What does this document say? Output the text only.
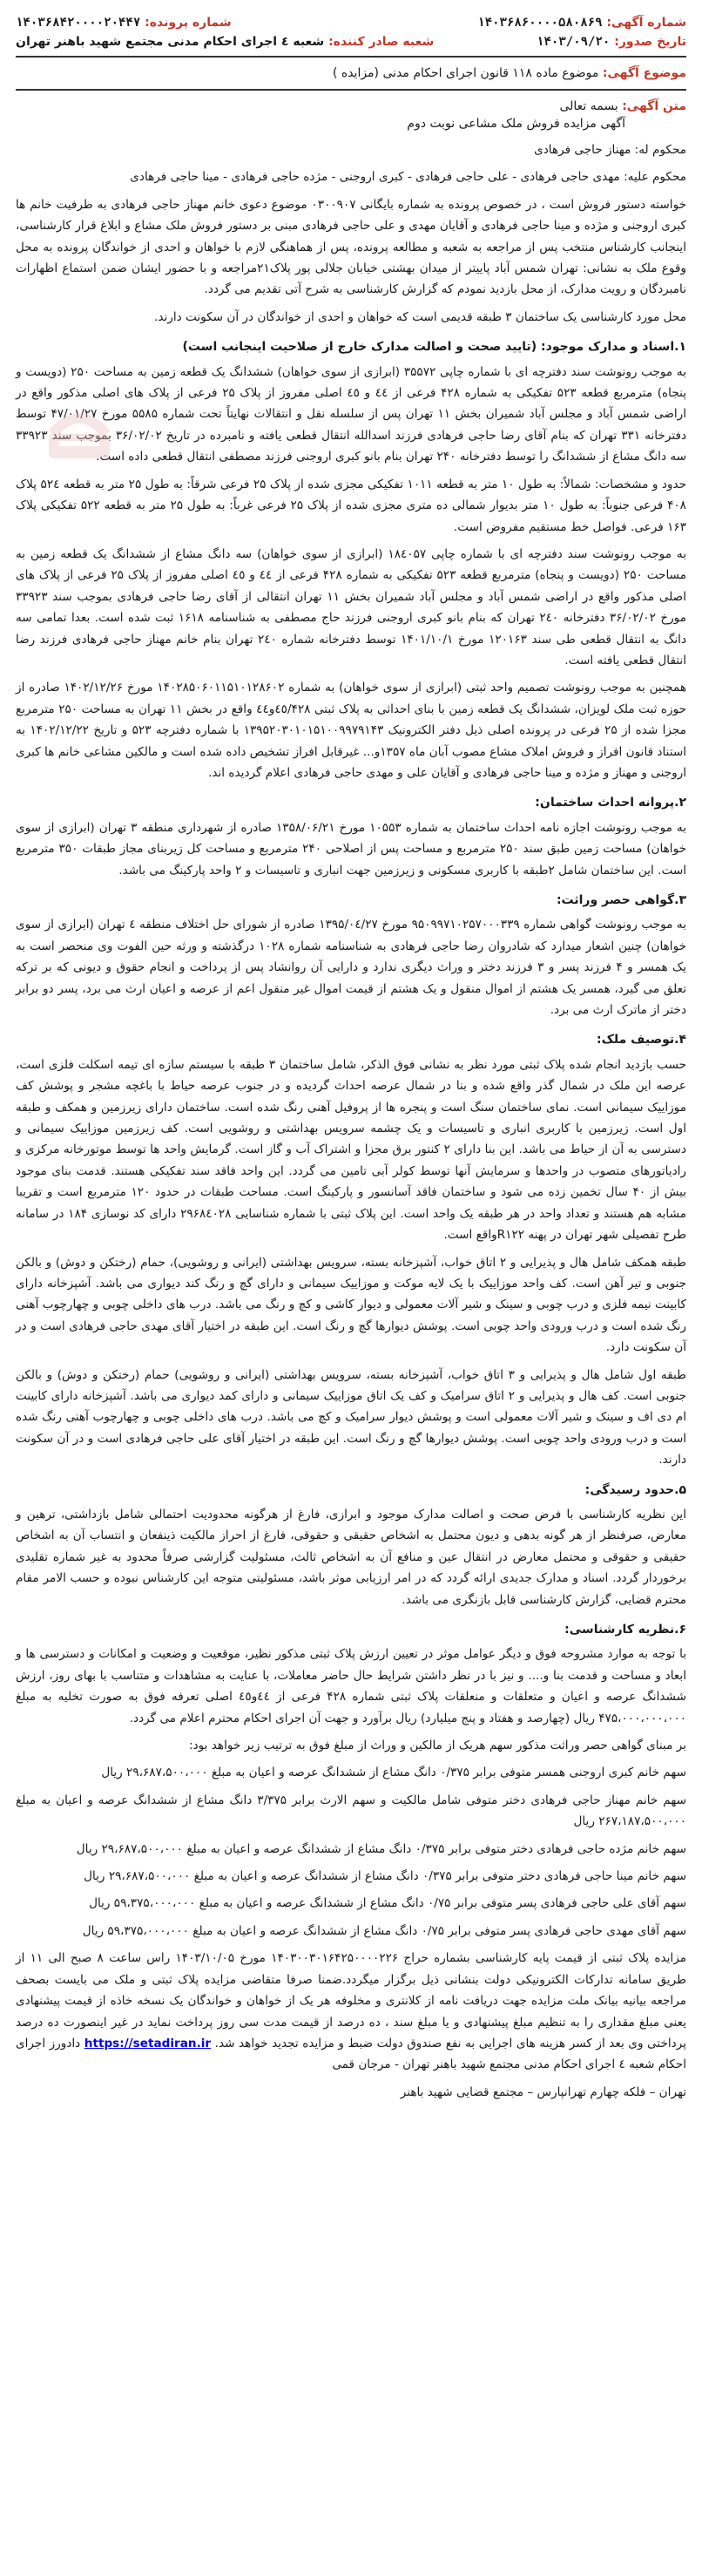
شماره آگهی: ۱۴۰۳۶۸۶۰۰۰۰۵۸۰۸۶۹
شماره پرونده: ۱۴۰۳۶۸۴۲۰۰۰۰۲۰۴۴۷
تاریخ صدور: ۱۴۰۳/۰۹/۲۰
شعبه صادر کننده: شعبه ٤ اجرای احکام مدنی مجتمع شهید باهنر تهران
موضوع آگهی: موضوع ماده ۱۱۸ قانون اجرای احکام مدنی (مزایده )
متن آگهی: بسمه تعالی
آگهی مزایده فروش ملک مشاعی نوبت دوم

محکوم له: مهناز حاجی فرهادی

محکوم علیه: مهدی حاجی فرهادی - علی حاجی فرهادی - کبری اروجنی - مژده حاجی فرهادی - مینا حاجی فرهادی

خواسته دستور فروش است ، در خصوص پرونده به شماره بایگانی ۰۳۰۰۹۰۷ موضوع دعوی خانم مهناز حاجی فرهادی به طرفیت خانم ها کبری اروجنی و مژده و مینا حاجی فرهادی و آقایان مهدی و علی حاجی فرهادی مبنی بر دستور فروش ملک مشاع و ابلاغ قرار کارشناسی، اینجانب کارشناس منتخب پس از مراجعه به شعبه و مطالعه پرونده، پس از هماهنگی لازم با خواهان و احدی از خواندگان پرونده به محل وقوع ملک به نشانی: تهران شمس آباد پاییتر از میدان بهشتی خیابان جلالی پور پلاک۲۱مراجعه و با حضور ایشان ضمن استماع اظهارات نامبردگان و رویت مدارک، از محل بازدید نمودم که گزارش کارشناسی به شرح آتی تقدیم می گردد.

محل مورد کارشناسی یک ساختمان ۳ طبقه قدیمی است که خواهان و احدی از خواندگان در آن سکونت دارند.

۱.اسناد و مدارک موجود: (تایید صحت و اصالت مدارک خارج از صلاحیت اینجانب است)

به موجب رونوشت سند دفترچه ای با شماره چاپی ۳۵۵۷۲ (ابرازی از سوی خواهان) ششدانگ یک قطعه زمین به مساحت ۲۵۰ (دویست و پنجاه) مترمربع قطعه ۵۲۳ تفکیکی به شماره ۴۲۸ فرعی از ٤٤ و ٤٥ اصلی مفروز از پلاک ۲۵ فرعی از پلاک های اصلی مذکور واقع در اراضی شمس آباد و مجلس آباد شمیران بخش ۱۱ تهران پس از سلسله نقل و انتقالات نهایتاً تحت شماره ۵۵۸۵ مورخ ۴۷/۰۱/۲۷ توسط دفترخانه ۳۳۱ تهران که بنام آقای رضا حاجی فرهادی فرزند اسدالله انتقال قطعی یافته و نامبرده در تاریخ ۳۶/۰۲/۰۲ بموجب سند ۳۳۹۲۳ سه دانگ مشاع از ششدانگ را توسط دفترخانه ۲۴۰ تهران بنام بانو کبری اروجنی فرزند مصطفی انتقال قطعی داده است.

حدود و مشخصات: شمالاً: به طول ۱۰ متر به قطعه ۱۰۱۱ تفکیکی مجزی شده از پلاک ۲۵ فرعی شرقاً: به طول ۲۵ متر به قطعه ۵۲٤ پلاک ۴۰۸ فرعی جنوباً: به طول ۱۰ متر بدیوار شمالی ده متری مجزی شده از پلاک ۲۵ فرعی غرباً: به طول ۲۵ متر به قطعه ۵۲۲ تفکیکی پلاک ۱۶۳ فرعی. فواصل خط مستقیم مفروض است.

به موجب رونوشت سند دفترچه ای با شماره چاپی ۱۸٤۰۵۷ (ابرازی از سوی خواهان) سه دانگ مشاع از ششدانگ یک قطعه زمین به مساحت ۲۵۰ (دویست و پنجاه) مترمربع قطعه ۵۲۳ تفکیکی به شماره ۴۲۸ فرعی از ٤٤ و ٤٥ اصلی مفروز از پلاک ۲۵ فرعی از پلاک های اصلی مذکور واقع در اراضی شمس آباد و مجلس آباد شمیران بخش ۱۱ تهران انتقالی از آقای رضا حاجی فرهادی بموجب سند ۳۳۹۲۳ مورخ ۳۶/۰۲/۰۲ دفترخانه ۲٤۰ تهران که بنام بانو کبری اروجنی فرزند حاج مصطفی به شناسنامه ۱۶۱۸ ثبت شده است. بعدا تمامی سه دانگ به انتقال قطعی طی سند ۱۲۰۱۶۳ مورخ ۱۴۰۱/۱۰/۱ توسط دفترخانه شماره ۲٤۰ تهران بنام خانم مهناز حاجی فرهادی فرزند رضا انتقال قطعی یافته است.

همچنین به موجب رونوشت تصمیم واحد ثبتی (ابرازی از سوی خواهان) به شماره ۱۴۰۲۸۵۰۶۰۱۱۵۱۰۱۲۸۶۰۲ مورخ ۱۴۰۲/۱۲/۲۶ صادره از حوزه ثبت ملک لویزان، ششدانگ یک قطعه زمین با بنای احداثی به پلاک ثبتی ٤٥/۴۲۸و٤٤ واقع در بخش ۱۱ تهران به مساحت ۲۵۰ مترمربع مجزا شده از ۲۵ فرعی در پرونده اصلی ذیل دفتر الکترونیک ۱۳۹۵۲۰۳۰۱۰۱۵۱۰۰۹۹۷۹۱۴۳ با شماره دفترچه ۵۲۳ و تاریخ ۱۴۰۲/۱۲/۲۲ به استناد قانون افراز و فروش املاک مشاع مصوب آبان ماه ۱۳۵۷و... غیرقابل افراز تشخیص داده شده است و مالکین مشاعی خانم ها کبری اروجنی و مهناز و مژده و مینا حاجی فرهادی و آقایان علی و مهدی حاجی فرهادی اعلام گردیده اند.

۲.پروانه احداث ساختمان:

به موجب رونوشت اجازه نامه احداث ساختمان به شماره ۱۰۵۵۳ مورخ ۱۳۵۸/۰۶/۲۱ صادره از شهرداری منطقه ۳ تهران (ابرازی از سوی خواهان) مساحت زمین طبق سند ۲۵۰ مترمربع و مساحت پس از اصلاحی ۲۴۰ مترمربع و مساحت کل زیربنای مجاز طبقات ۳۵۰ مترمربع است. این ساختمان شامل ۲طبقه با کاربری مسکونی و زیرزمین جهت انباری و تاسیسات و ۲ واحد پارکینگ می باشد.

۳.گواهی حصر وراثت:

به موجب رونوشت گواهی شماره ۹۵۰۹۹۷۱۰۲۵۷۰۰۰۳۳۹ مورخ ۱۳۹۵/۰٤/۲۷ صادره از شورای حل اختلاف منطقه ٤ تهران (ابرازی از سوی خواهان) چنین اشعار میدارد که شادروان رضا حاجی فرهادی به شناسنامه شماره ۱۰۲۸ درگذشته و ورثه حین الفوت وی منحصر است به یک همسر و ۴ فرزند پسر و ۳ فرزند دختر و وراث دیگری ندارد و دارایی آن روانشاد پس از پرداخت و انجام حقوق و دیونی که بر ترکه تعلق می گیرد، همسر یک هشتم از اموال منقول و یک هشتم از قیمت اموال غیر منقول اعم از عرصه و اعیان ارث می برد، پسر دو برابر دختر از ماترک ارث می برد.

۴.توصیف ملک:

حسب بازدید انجام شده پلاک ثبتی مورد نظر به نشانی فوق الذکر، شامل ساختمان ۳ طبقه با سیستم سازه ای تیمه اسکلت فلزی است، عرصه این ملک در شمال گذر واقع شده و بنا در شمال عرصه احداث گردیده و در جنوب عرصه حیاط با باغچه مشجر و پوشش کف موزاییک سیمانی است. نمای ساختمان سنگ است و پنجره ها از پروفیل آهنی رنگ شده است. ساختمان دارای زیرزمین و همکف و طبقه اول است. زیرزمین با کاربری انباری و تاسیسات و یک چشمه سرویس بهداشتی و روشویی است. کف زیرزمین موزاییک سیمانی و دسترسی به آن از حیاط می باشد. این بنا دارای ۲ کنتور برق مجزا و اشتراک آب و گاز است. گرمایش واحد ها توسط موتورخانه مرکزی و رادیاتورهای متصوب در واحدها و سرمایش آنها توسط کولر آبی تامین می گردد. این واحد فاقد سند تفکیکی هستند. قدمت بنای موجود بیش از ۴۰ سال تخمین زده می شود و ساختمان فاقد آسانسور و پارکینگ است. مساحت طبقات در حدود ۱۲۰ مترمربع است و تقریبا مشابه هم هستند و تعداد واحد در هر طبقه یک واحد است. این پلاک ثبتی با شماره شناسایی ۲۹۶۸٤۰۲۸ دارای کد نوسازی ۱۸۴ در سامانه طرح تفصیلی شهر تهران در پهنه R۱۲۲واقع است.

طبقه همکف شامل هال و پذیرایی و ۲ اتاق خواب، آشپزخانه بسته، سرویس بهداشتی (ایرانی و روشویی)، حمام (رختکن و دوش) و بالکن جنوبی و تیر آهن است. کف واحد موزاییک با یک لایه موکت و موزاییک سیمانی و دارای گچ و رنگ کند دیواری می باشد. آشپزخانه دارای کابینت نیمه فلزی و درب چوبی و سینک و شیر آلات معمولی و دیوار کاشی و کچ و رنگ می باشد. درب های داخلی چوبی و چهارچوب آهنی رنگ شده است و درب ورودی واحد چوبی است. پوشش دیوارها گچ و رنگ است. این طبقه در اختیار آقای مهدی حاجی فرهادی است و در آن سکونت دارد.

طبقه اول شامل هال و پذیرایی و ۳ اتاق خواب، آشپزخانه بسته، سرویس بهداشتی (ایرانی و روشویی) حمام (رختکن و دوش) و بالکن جنوبی است. کف هال و پذیرایی و ۲ اتاق سرامیک و کف یک اتاق موزاییک سیمانی و دارای کمد دیواری می باشد. آشپزخانه دارای کابینت ام دی اف و سینک و شیر آلات معمولی است و پوشش دیوار سرامیک و کچ می باشد. درب های داخلی چوبی و چهارچوب آهنی رنگ شده است و درب ورودی واحد چوبی است. پوشش دیوارها گچ و رنگ است. این طبقه در اختیار آقای علی حاجی فرهادی است و در آن سکونت دارند.

۵.حدود رسیدگی:

این نظریه کارشناسی با فرض صحت و اصالت مدارک موجود و ابرازی، فارغ از هرگونه محدودیت احتمالی شامل بازداشتی، ترهین و معارض، صرفنظر از هر گونه بدهی و دیون محتمل به اشخاص حقیقی و حقوقی، فارغ از احراز مالکیت ذینفعان و انتساب آن به اشخاص حقیقی و حقوقی و محتمل معارض در انتقال عین و منافع آن به اشخاص ثالث، مسئولیت گزارشی صرفاً محدود به غیر شماره تقلیدی برخوردار گردد. اسناد و مدارک جدیدی ارائه گردد که در امر ارزیابی موثر باشد، مسئولیتی متوجه این کارشناس نبوده و حسب الامر مقام محترم قضایی، گزارش کارشناسی قابل بازنگری می باشد.

۶.نظریه کارشناسی:

با توجه به موارد مشروحه فوق و دیگر عوامل موثر در تعیین ارزش پلاک ثبتی مذکور نظیر، موقعیت و وضعیت و امکانات و دسترسی ها و ابعاد و مساحت و قدمت بنا و.... و نیز با در نظر داشتن شرایط حال حاضر معاملات، با عنایت به مشاهدات و متناسب با بهای روز، ارزش ششدانگ عرصه و اعیان و متعلقات و منعلقات پلاک ثبتی شماره ۴۲۸ فرعی از ٤٤و٤٥ اصلی تعرفه فوق به صورت تخلیه به مبلغ ۴۷۵،۰۰۰،۰۰۰،۰۰۰ ریال (چهارصد و هفتاد و پنج میلیارد) ریال برآورد و جهت آن اجرای احکام محترم اعلام می گردد.

بر مبنای گواهی حصر وراثت مذکور سهم هریک از مالکین و وراث از مبلغ فوق به ترتیب زیر خواهد بود:

سهم خانم کبری اروجنی همسر متوفی برابر ۰/۳۷۵ دانگ مشاع از ششدانگ عرصه و اعیان به مبلغ ۲۹،۶۸۷،۵۰۰،۰۰۰ ریال

سهم خانم مهناز حاجی فرهادی دختر متوفی شامل مالکیت و سهم الارث برابر ۳/۳۷۵ دانگ مشاع از ششدانگ عرصه و اعیان به مبلغ ۲۶۷،۱۸۷،۵۰۰،۰۰۰ ریال

سهم خانم مژده حاجی فرهادی دختر متوفی برابر ۰/۳۷۵ دانگ مشاع از ششدانگ عرصه و اعیان به مبلغ ۲۹،۶۸۷،۵۰۰،۰۰۰ ریال

سهم خانم مینا حاجی فرهادی دختر متوفی برابر ۰/۳۷۵ دانگ مشاع از ششدانگ عرصه و اعیان به مبلغ ۲۹،۶۸۷،۵۰۰،۰۰۰ ریال

سهم آقای علی حاجی فرهادی پسر متوفی برابر ۰/۷۵ دانگ مشاع از ششدانگ عرصه و اعیان به مبلغ ۵۹،۳۷۵،۰۰۰،۰۰۰ ریال

سهم آقای مهدی حاجی فرهادی پسر متوفی برابر ۰/۷۵ دانگ مشاع از ششدانگ عرصه و اعیان به مبلغ ۵۹،۳۷۵،۰۰۰،۰۰۰ ریال

مزایده پلاک ثبتی از قیمت پایه کارشناسی بشماره حراج ۱۴۰۳۰۰۳۰۱۶۴۲۵۰۰۰۰۲۲۶ مورخ ۱۴۰۳/۱۰/۰۵ راس ساعت ۸ صبح الی ۱۱ از طریق سامانه تدارکات الکترونیکی دولت بنشانی ذیل برگزار میگردد.ضمنا صرفا متقاضی مزایده پلاک ثبتی و ملک می بایست بصحف مراجعه بیانیه بیانک ملت مزایده جهت دریافت نامه از کلانتری و مخلوفه هر یک از خواهان و خواندگان یک نسخه خاذه از قیمت پیشنهادی یعنی مبلغ مقداری را به تنظیم مبلغ پیشنهادی و یا مبلغ سند ، ده درصد از قیمت مدت سی روز پرداخت نماید در غیر اینصورت ده درصد پرداختی وی بعد از کسر هزینه های اجرایی به نفع صندوق دولت ضبط و مزایده تجدید خواهد شد. https://setadiran.ir دادورز اجرای احکام شعبه ٤ اجرای احکام مدنی مجتمع شهید باهنر تهران - مرجان قمی

تهران – فلکه چهارم تهرانپارس – مجتمع قضایی شهید باهنر
